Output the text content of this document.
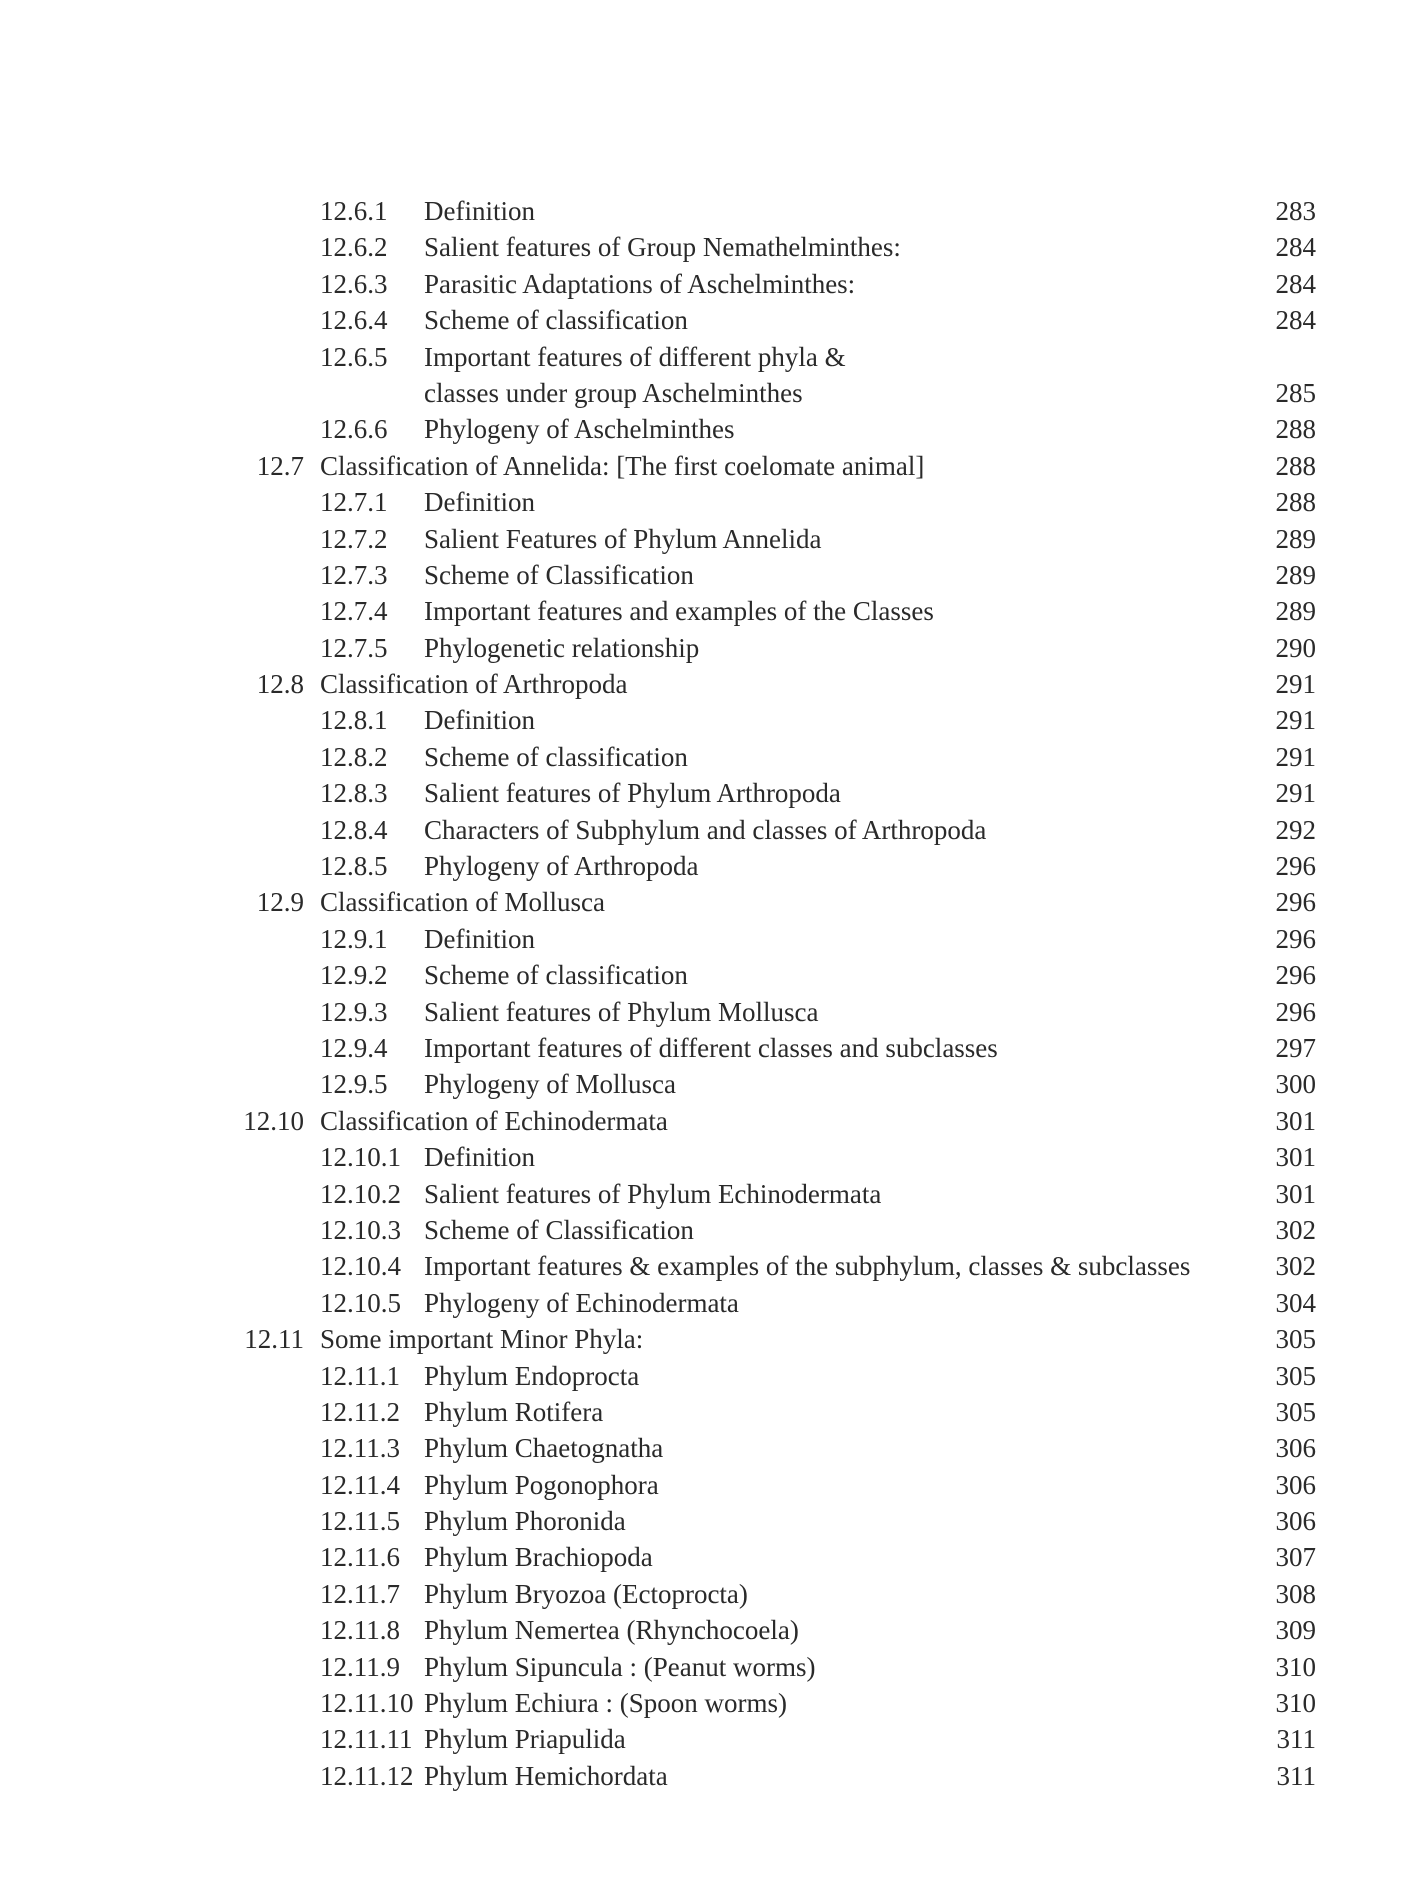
12.6.1 Definition	283
12.6.2 Salient features of Group Nemathelminthes:	284
12.6.3 Parasitic Adaptations of Aschelminthes:	284
12.6.4 Scheme of classification	284
12.6.5 Important features of different phyla &
classes under group Aschelminthes	285
12.6.6 Phylogeny of Aschelminthes	288
12.7 Classification of Annelida: [The first coelomate animal]	288
12.7.1 Definition	288
12.7.2 Salient Features of Phylum Annelida	289
12.7.3 Scheme of Classification	289
12.7.4 Important features and examples of the Classes	289
12.7.5 Phylogenetic relationship	290
12.8 Classification of Arthropoda	291
12.8.1 Definition	291
12.8.2 Scheme of classification	291
12.8.3 Salient features of Phylum Arthropoda	291
12.8.4 Characters of Subphylum and classes of Arthropoda	292
12.8.5 Phylogeny of Arthropoda	296
12.9 Classification of Mollusca	296
12.9.1 Definition	296
12.9.2 Scheme of classification	296
12.9.3 Salient features of Phylum Mollusca	296
12.9.4 Important features of different classes and subclasses	297
12.9.5 Phylogeny of Mollusca	300
12.10 Classification of Echinodermata	301
12.10.1 Definition	301
12.10.2 Salient features of Phylum Echinodermata	301
12.10.3 Scheme of Classification	302
12.10.4 Important features & examples of the subphylum, classes & subclasses	302
12.10.5 Phylogeny of Echinodermata	304
12.11 Some important Minor Phyla:	305
12.11.1 Phylum Endoprocta	305
12.11.2 Phylum Rotifera	305
12.11.3 Phylum Chaetognatha	306
12.11.4 Phylum Pogonophora	306
12.11.5 Phylum Phoronida	306
12.11.6 Phylum Brachiopoda	307
12.11.7 Phylum Bryozoa (Ectoprocta)	308
12.11.8 Phylum Nemertea (Rhynchocoela)	309
12.11.9 Phylum Sipuncula : (Peanut worms)	310
12.11.10 Phylum Echiura : (Spoon worms)	310
12.11.11 Phylum Priapulida	311
12.11.12 Phylum Hemichordata	311
